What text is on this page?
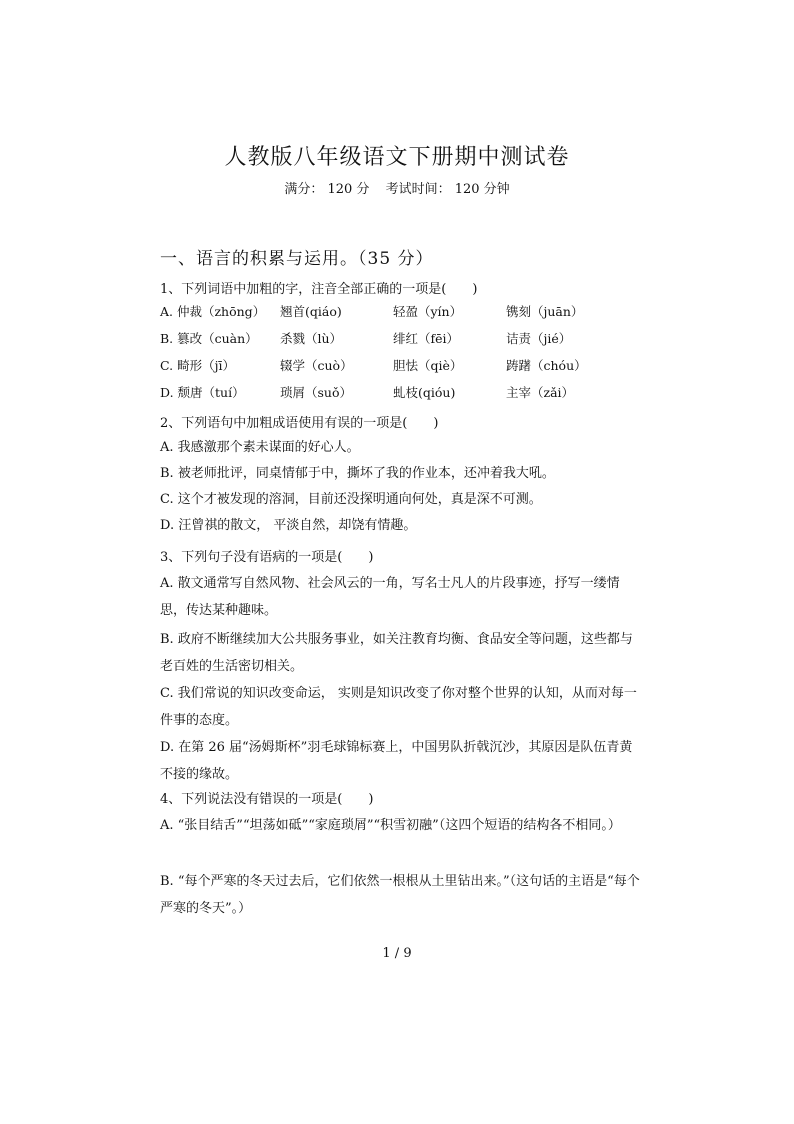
人教版八年级语文下册期中测试卷
满分： 120 分 考试时间： 120 分钟
一、语言的积累与运用。（35 分）
1、下列词语中加粗的字，注音全部正确的一项是(　　)
A. 仲裁（zhōng） 翘首(qiáo)	轻盈（yín）	镌刻（juān）
B. 篡改（cuàn） 杀戮（lù）	绯红（fēi）	诘责（jié）
C. 畸形（jī）	辍学（cuò）	胆怯（qiè）	踌躇（chóu）
D. 颓唐（tuí）	琐屑（suǒ）	虬枝(qióu)	主宰（zǎi）
2、下列语句中加粗成语使用有误的一项是(　　)
A. 我感激那个素未谋面的好心人。
B. 被老师批评，同桌情郁于中，撕坏了我的作业本，还冲着我大吼。
C. 这个才被发现的溶洞，目前还没探明通向何处，真是深不可测。
D. 汪曾祺的散文， 平淡自然，却饶有情趣。
3、下列句子没有语病的一项是(　　)
A. 散文通常写自然风物、社会风云的一角，写名士凡人的片段事迹，抒写一缕情思，传达某种趣味。
B. 政府不断继续加大公共服务事业，如关注教育均衡、食品安全等问题，这些都与老百姓的生活密切相关。
C. 我们常说的知识改变命运， 实则是知识改变了你对整个世界的认知，从而对每一件事的态度。
D. 在第 26 届“汤姆斯杯”羽毛球锦标赛上，中国男队折戟沉沙，其原因是队伍青黄不接的缘故。
4、下列说法没有错误的一项是(　　)
A. “张目结舌”“坦荡如砥”“家庭琐屑”“积雪初融”（这四个短语的结构各不相同。）
B. “每个严寒的冬天过去后，它们依然一根根从土里钻出来。”（这句话的主语是“每个严寒的冬天”。）
1 / 9
